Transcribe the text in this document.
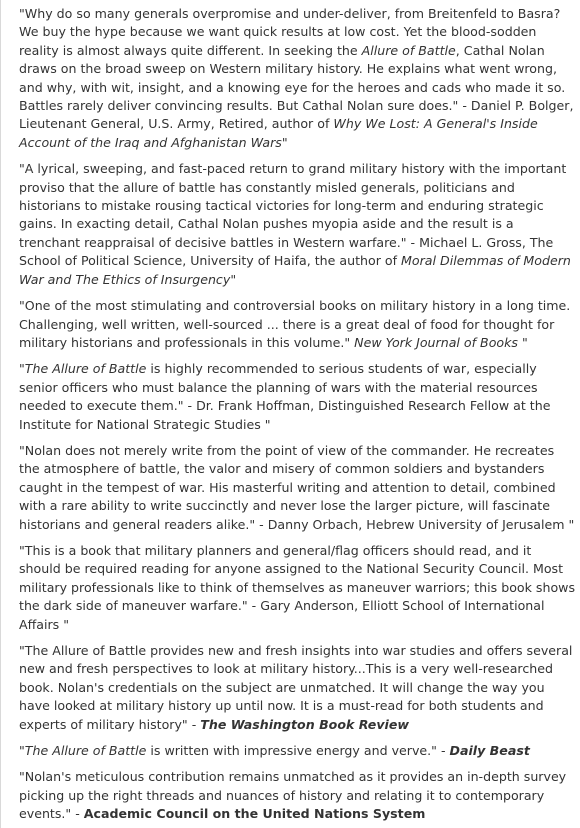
"Why do so many generals overpromise and under-deliver, from Breitenfeld to Basra? We buy the hype because we want quick results at low cost. Yet the blood-sodden reality is almost always quite different. In seeking the Allure of Battle, Cathal Nolan draws on the broad sweep on Western military history. He explains what went wrong, and why, with wit, insight, and a knowing eye for the heroes and cads who made it so. Battles rarely deliver convincing results. But Cathal Nolan sure does." - Daniel P. Bolger, Lieutenant General, U.S. Army, Retired, author of Why We Lost: A General's Inside Account of the Iraq and Afghanistan Wars"

"A lyrical, sweeping, and fast-paced return to grand military history with the important proviso that the allure of battle has constantly misled generals, politicians and historians to mistake rousing tactical victories for long-term and enduring strategic gains. In exacting detail, Cathal Nolan pushes myopia aside and the result is a trenchant reappraisal of decisive battles in Western warfare." - Michael L. Gross, The School of Political Science, University of Haifa, the author of Moral Dilemmas of Modern War and The Ethics of Insurgency"

"One of the most stimulating and controversial books on military history in a long time. Challenging, well written, well-sourced ... there is a great deal of food for thought for military historians and professionals in this volume." New York Journal of Books "

"The Allure of Battle is highly recommended to serious students of war, especially senior officers who must balance the planning of wars with the material resources needed to execute them." - Dr. Frank Hoffman, Distinguished Research Fellow at the Institute for National Strategic Studies "

"Nolan does not merely write from the point of view of the commander. He recreates the atmosphere of battle, the valor and misery of common soldiers and bystanders caught in the tempest of war. His masterful writing and attention to detail, combined with a rare ability to write succinctly and never lose the larger picture, will fascinate historians and general readers alike." - Danny Orbach, Hebrew University of Jerusalem "

"This is a book that military planners and general/flag officers should read, and it should be required reading for anyone assigned to the National Security Council. Most military professionals like to think of themselves as maneuver warriors; this book shows the dark side of maneuver warfare." - Gary Anderson, Elliott School of International Affairs "

"The Allure of Battle provides new and fresh insights into war studies and offers several new and fresh perspectives to look at military history...This is a very well-researched book. Nolan's credentials on the subject are unmatched. It will change the way you have looked at military history up until now. It is a must-read for both students and experts of military history" - The Washington Book Review

"The Allure of Battle is written with impressive energy and verve." - Daily Beast

"Nolan's meticulous contribution remains unmatched as it provides an in-depth survey picking up the right threads and nuances of history and relating it to contemporary events." - Academic Council on the United Nations System
